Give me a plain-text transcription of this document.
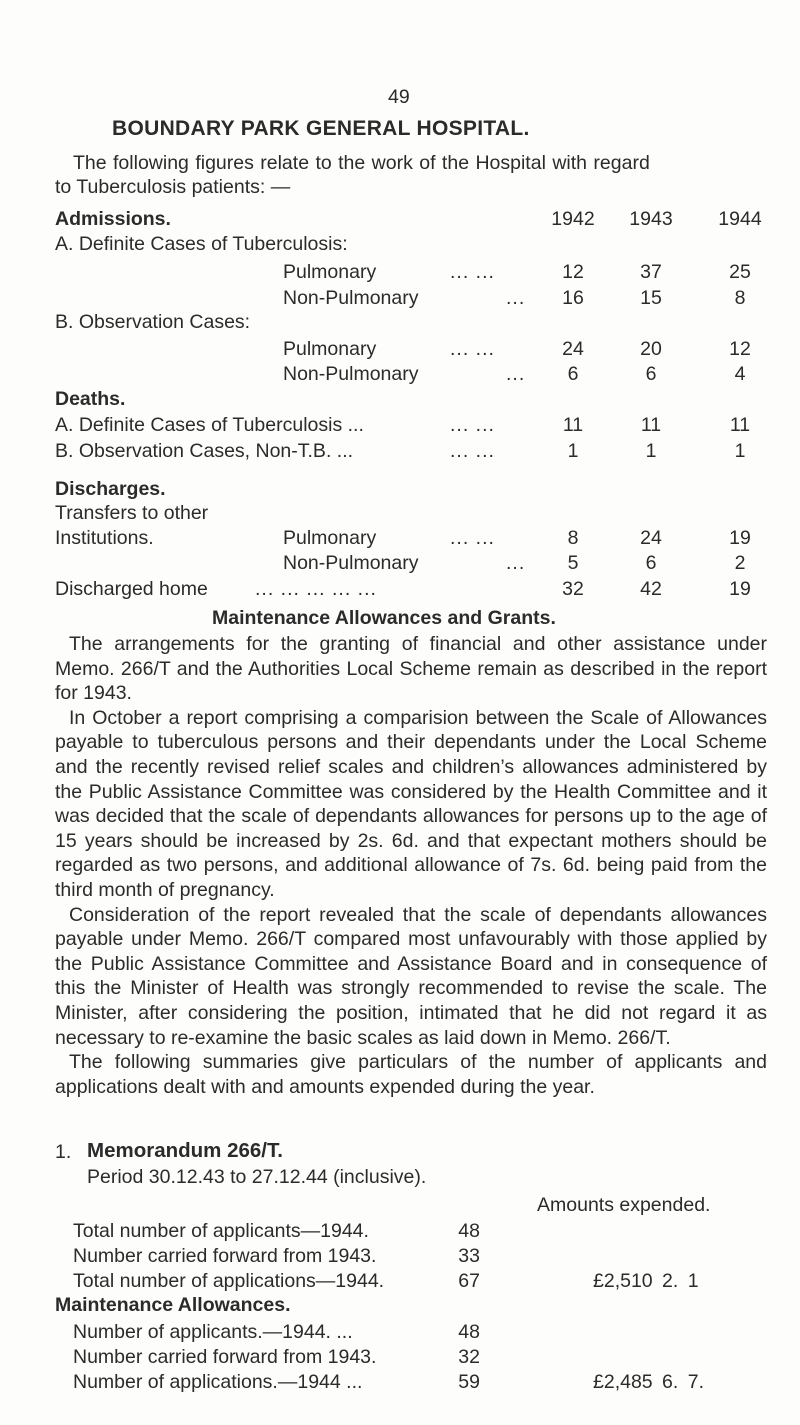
49
BOUNDARY PARK GENERAL HOSPITAL.
The following figures relate to the work of the Hospital with regard
to Tuberculosis patients: —
Admissions.	1942	1943	1944
A. Definite Cases of Tuberculosis:
Pulmonary	... ...	12	37	25
Non-Pulmonary	...	16	15	8
B. Observation Cases:
Pulmonary	... ...	24	20	12
Non-Pulmonary	...	6	6	4
Deaths.
A. Definite Cases of Tuberculosis ...	... ...	11	11	11
B. Observation Cases, Non-T.B. ...	... ...	1	1	1
Discharges.
Transfers to other
Institutions.	Pulmonary	... ...	8	24	19
Non-Pulmonary	...	5	6	2
Discharged home ... ... ... ... ...	32	42	19
Maintenance Allowances and Grants.

The arrangements for the granting of financial and other assistance under Memo. 266/T and the Authorities Local Scheme remain as described in the report for 1943.

In October a report comprising a comparision between the Scale of Allowances payable to tuberculous persons and their dependants under the Local Scheme and the recently revised relief scales and children’s allowances administered by the Public Assistance Committee was considered by the Health Committee and it was decided that the scale of dependants allowances for persons up to the age of 15 years should be increased by 2s. 6d. and that expectant mothers should be regarded as two persons, and additional allowance of 7s. 6d. being paid from the third month of pregnancy.

Consideration of the report revealed that the scale of dependants allowances payable under Memo. 266/T compared most unfavourably with those applied by the Public Assistance Committee and Assistance Board and in consequence of this the Minister of Health was strongly recommended to revise the scale. The Minister, after considering the position, intimated that he did not regard it as necessary to re-examine the basic scales as laid down in Memo. 266/T.

The following summaries give particulars of the number of applicants and applications dealt with and amounts expended during the year.

1. Memorandum 266/T.
Period 30.12.43 to 27.12.44 (inclusive).
Amounts expended.
Total number of applicants—1944.	48
Number carried forward from 1943.	33
Total number of applications—1944.	67	£2,510 2. 1
Maintenance Allowances.
Number of applicants.—1944. ...	48
Number carried forward from 1943.	32
Number of applications.—1944 ...	59	£2,485 6. 7.
